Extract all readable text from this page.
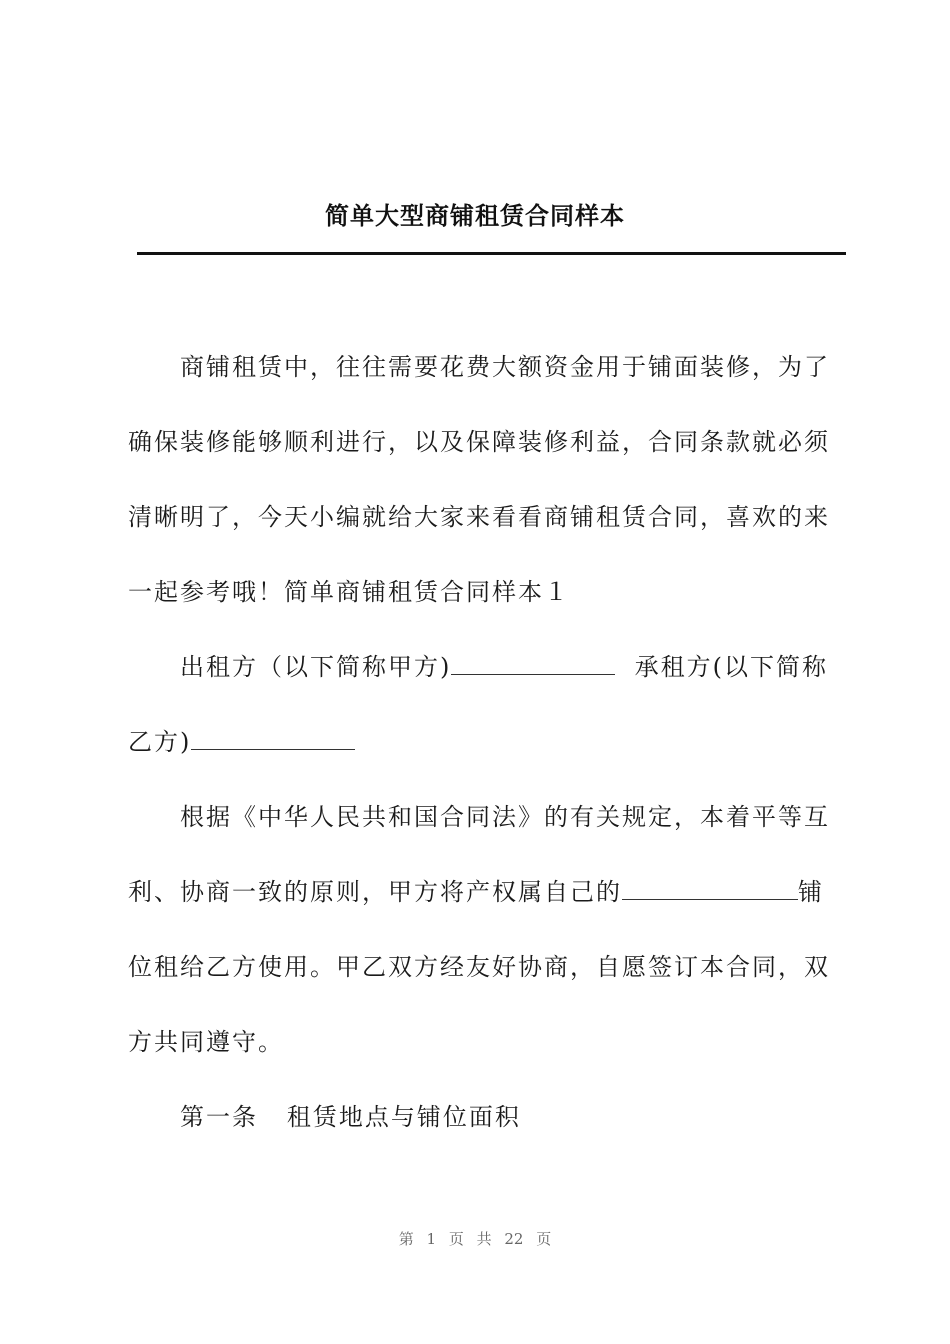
简单大型商铺租赁合同样本

商铺租赁中，往往需要花费大额资金用于铺面装修，为了确保装修能够顺利进行，以及保障装修利益，合同条款就必须清晰明了，今天小编就给大家来看看商铺租赁合同，喜欢的来一起参考哦！简单商铺租赁合同样本１

出租方（以下简称甲方)	承租方(以下简称乙方)

根据《中华人民共和国合同法》的有关规定，本着平等互利、协商一致的原则，甲方将产权属自己的	铺位租给乙方使用。甲乙双方经友好协商，自愿签订本合同，双方共同遵守。

第一条   租赁地点与铺位面积

第 1 页 共 22 页
